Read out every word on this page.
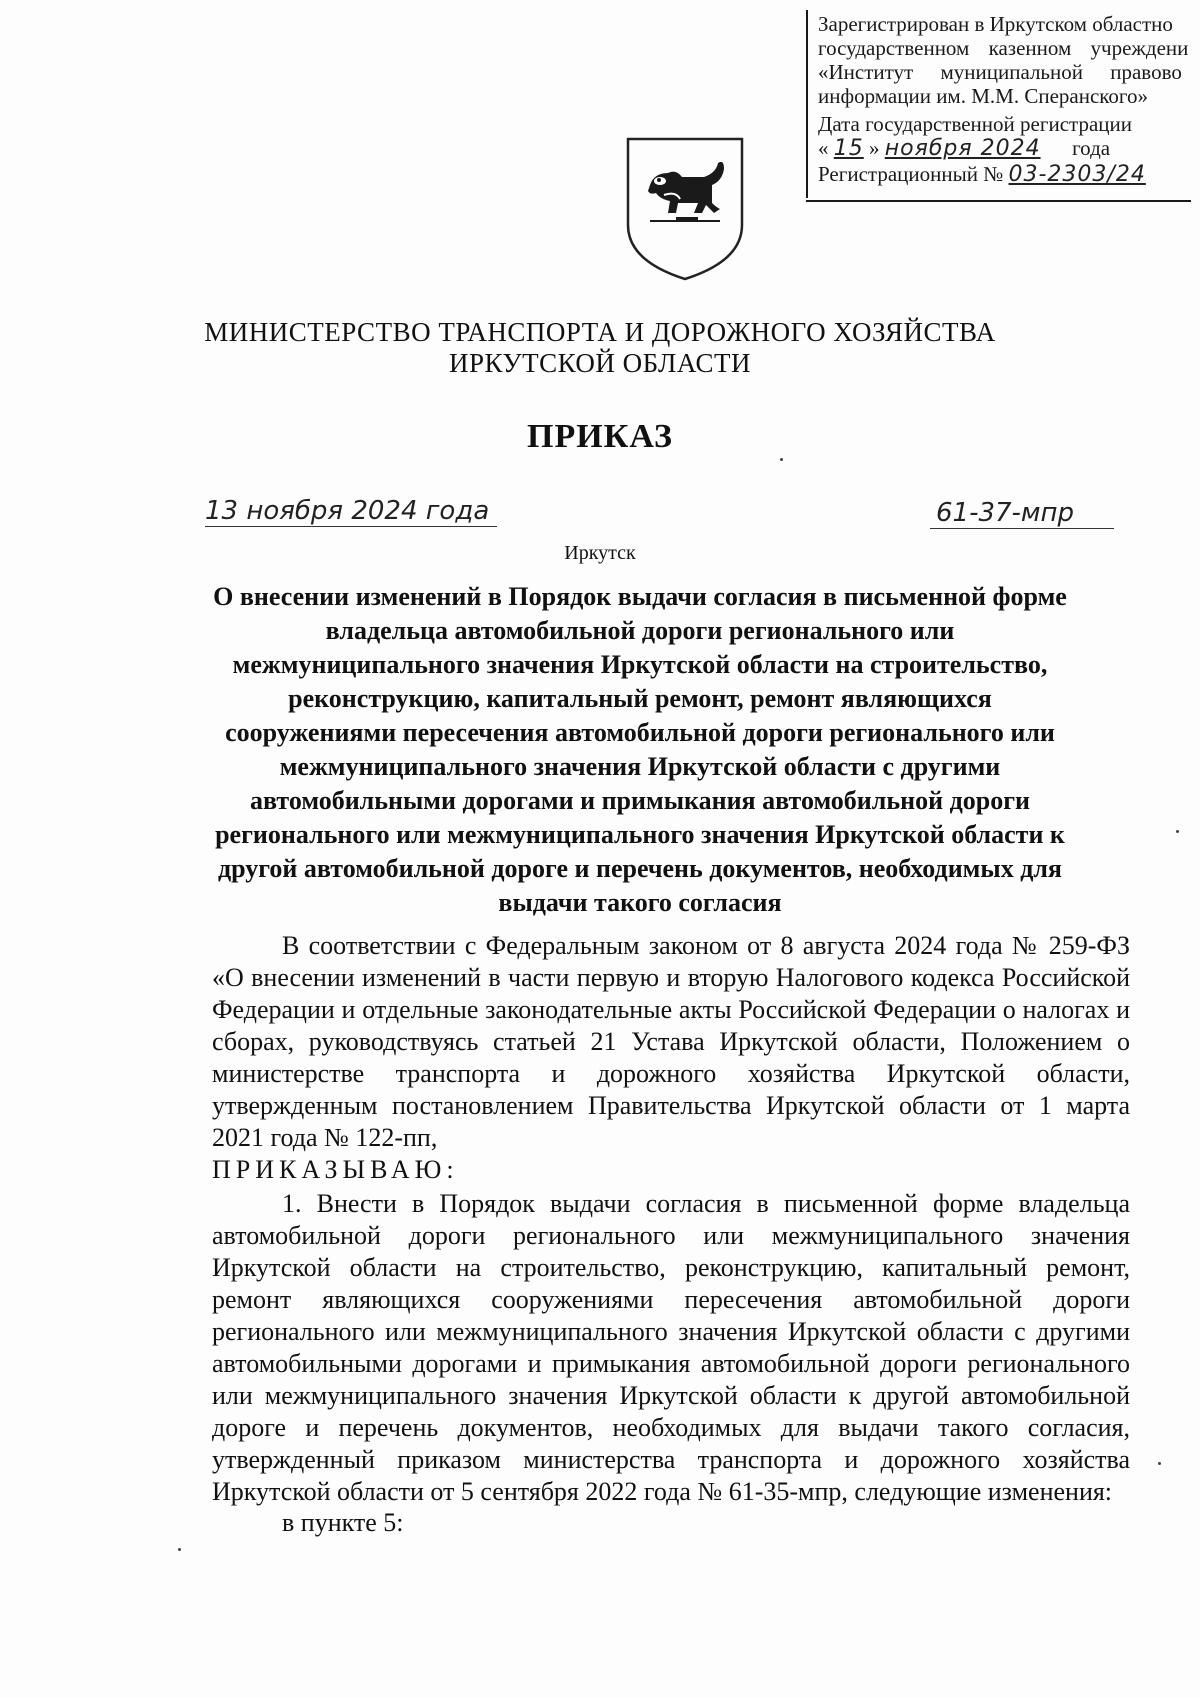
Зарегистрирован в Иркутском областно
государственном казенном учреждени
«Институт муниципальной правово
информации им. М.М. Сперанского»
Дата государственной регистрации
« 15 » ноября 2024 года
Регистрационный № 03-2303/24
МИНИСТЕРСТВО ТРАНСПОРТА И ДОРОЖНОГО ХОЗЯЙСТВА
ИРКУТСКОЙ ОБЛАСТИ
ПРИКАЗ
13 ноября 2024 года	61-37-мпр
Иркутск
О внесении изменений в Порядок выдачи согласия в письменной форме владельца автомобильной дороги регионального или межмуниципального значения Иркутской области на строительство, реконструкцию, капитальный ремонт, ремонт являющихся сооружениями пересечения автомобильной дороги регионального или межмуниципального значения Иркутской области с другими автомобильными дорогами и примыкания автомобильной дороги регионального или межмуниципального значения Иркутской области к другой автомобильной дороге и перечень документов, необходимых для выдачи такого согласия

В соответствии с Федеральным законом от 8 августа 2024 года № 259-ФЗ «О внесении изменений в части первую и вторую Налогового кодекса Российской Федерации и отдельные законодательные акты Российской Федерации о налогах и сборах, руководствуясь статьей 21 Устава Иркутской области, Положением о министерстве транспорта и дорожного хозяйства Иркутской области, утвержденным постановлением Правительства Иркутской области от 1 марта 2021 года № 122-пп,

ПРИКАЗЫВАЮ:

1. Внести в Порядок выдачи согласия в письменной форме владельца автомобильной дороги регионального или межмуниципального значения Иркутской области на строительство, реконструкцию, капитальный ремонт, ремонт являющихся сооружениями пересечения автомобильной дороги регионального или межмуниципального значения Иркутской области с другими автомобильными дорогами и примыкания автомобильной дороги регионального или межмуниципального значения Иркутской области к другой автомобильной дороге и перечень документов, необходимых для выдачи такого согласия, утвержденный приказом министерства транспорта и дорожного хозяйства Иркутской области от 5 сентября 2022 года № 61-35-мпр, следующие изменения:

в пункте 5:
